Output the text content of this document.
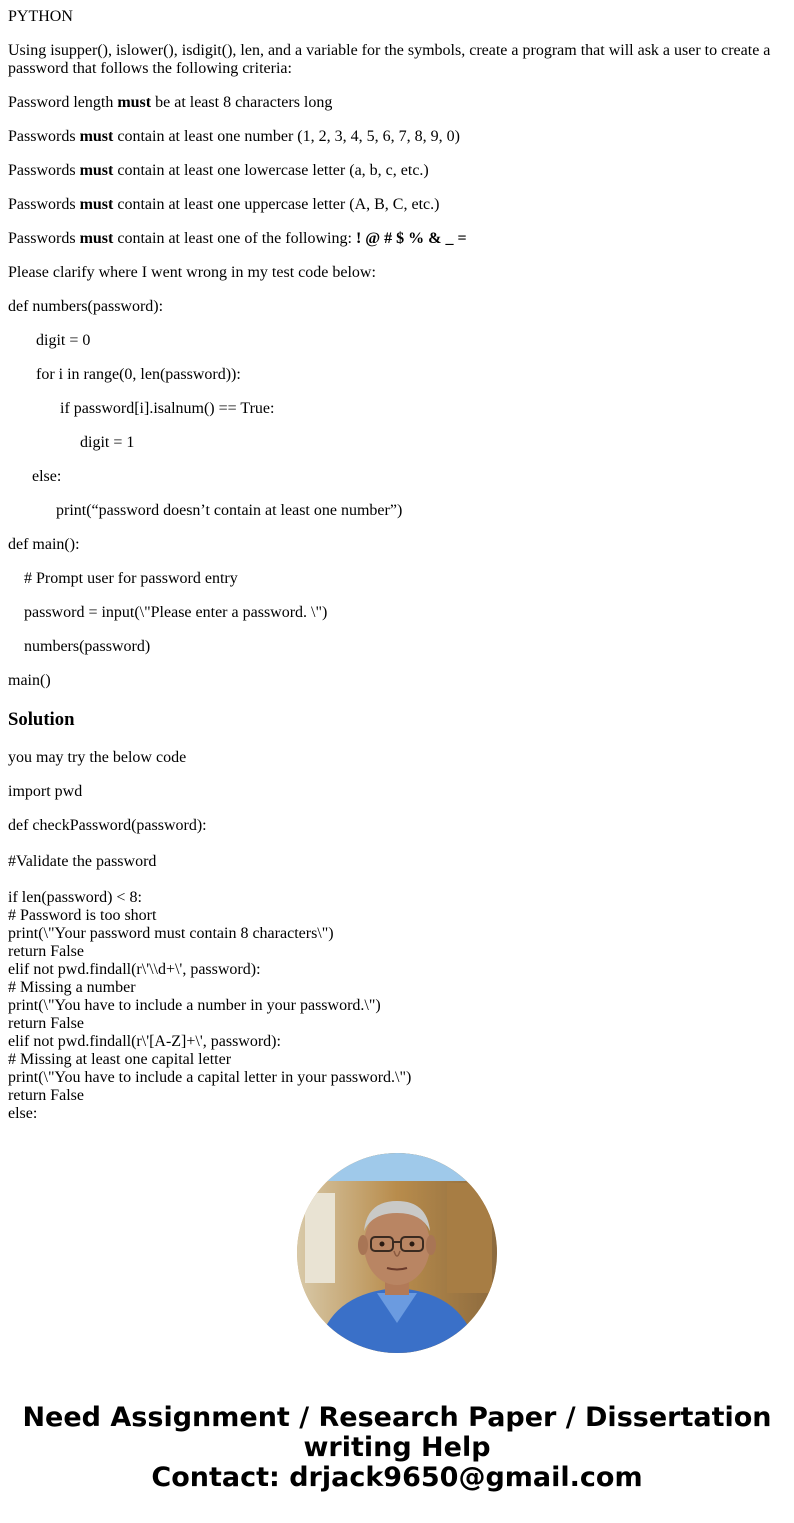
PYTHON

Using isupper(), islower(), isdigit(), len, and a variable for the symbols, create a program that will ask a user to create a password that follows the following criteria:

Password length must be at least 8 characters long

Passwords must contain at least one number (1, 2, 3, 4, 5, 6, 7, 8, 9, 0)

Passwords must contain at least one lowercase letter (a, b, c, etc.)

Passwords must contain at least one uppercase letter (A, B, C, etc.)

Passwords must contain at least one of the following: ! @ # $ % & _ =

Please clarify where I went wrong in my test code below:

def numbers(password):

digit = 0

for i in range(0, len(password)):

if password[i].isalnum() == True:

digit = 1

else:

print(“password doesn’t contain at least one number”)

def main():

# Prompt user for password entry

password = input(\"Please enter a password. \")

numbers(password)

main()

Solution

you may try the below code

import pwd

def checkPassword(password):

#Validate the password

if len(password) < 8:
# Password is too short
print(\"Your password must contain 8 characters\")
return False
elif not pwd.findall(r\'\\d+\', password):
# Missing a number
print(\"You have to include a number in your password.\")
return False
elif not pwd.findall(r\'[A-Z]+\', password):
# Missing at least one capital letter
print(\"You have to include a capital letter in your password.\")
return False
else:
Need Assignment / Research Paper / Dissertation
writing Help
Contact: drjack9650@gmail.com
